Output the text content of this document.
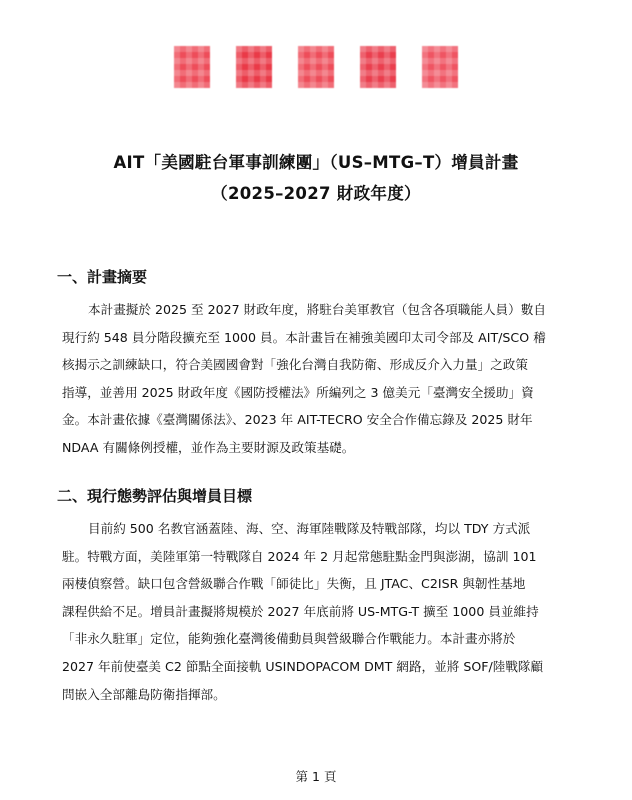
AIT「美國駐台軍事訓練團」（US–MTG–T）增員計畫
（2025–2027 財政年度）
一、計畫摘要
本計畫擬於 2025 至 2027 財政年度，將駐台美軍教官（包含各項職能人員）數自
現行約 548 員分階段擴充至 1000 員。本計畫旨在補強美國印太司令部及 AIT/SCO 稽
核揭示之訓練缺口，符合美國國會對「強化台灣自我防衛、形成反介入力量」之政策
指導，並善用 2025 財政年度《國防授權法》所編列之 3 億美元「臺灣安全援助」資
金。本計畫依據《臺灣關係法》、2023 年 AIT-TECRO 安全合作備忘錄及 2025 財年
NDAA 有關條例授權，並作為主要財源及政策基礎。
二、現行態勢評估與增員目標
目前約 500 名教官涵蓋陸、海、空、海軍陸戰隊及特戰部隊，均以 TDY 方式派
駐。特戰方面，美陸軍第一特戰隊自 2024 年 2 月起常態駐點金門與澎湖，協訓 101
兩棲偵察營。缺口包含營級聯合作戰「師徒比」失衡，且 JTAC、C2ISR 與韌性基地
課程供給不足。增員計畫擬將規模於 2027 年底前將 US-MTG-T 擴至 1000 員並維持
「非永久駐軍」定位，能夠強化臺灣後備動員與營級聯合作戰能力。本計畫亦將於
2027 年前使臺美 C2 節點全面接軌 USINDOPACOM DMT 網路，並將 SOF/陸戰隊顧
問嵌入全部離島防衛指揮部。
第 1 頁
